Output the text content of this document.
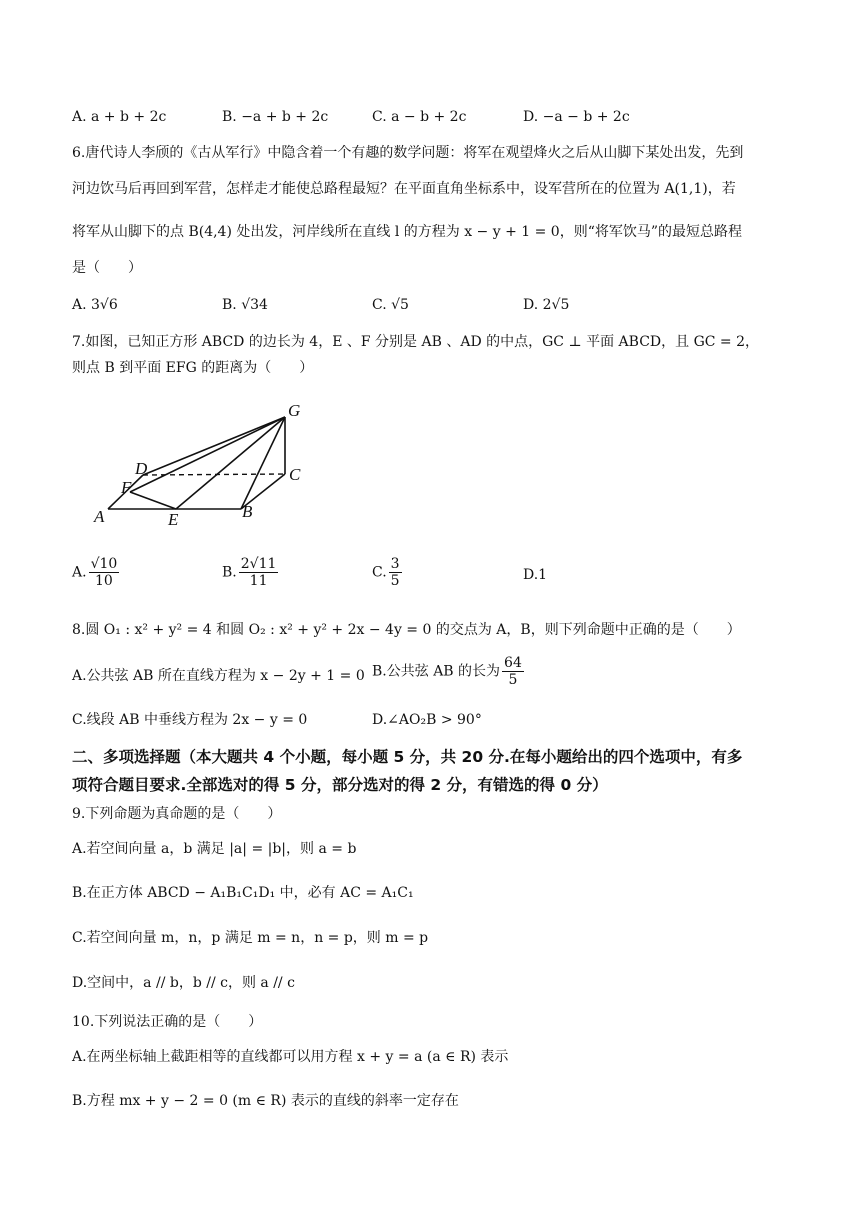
A. a + b + 2c	B. −a + b + 2c	C. a − b + 2c	D. −a − b + 2c
6.唐代诗人李颀的《古从军行》中隐含着一个有趣的数学问题：将军在观望烽火之后从山脚下某处出发，先到
河边饮马后再回到军营，怎样走才能使总路程最短？在平面直角坐标系中，设军营所在的位置为 A(1,1)，若
将军从山脚下的点 B(4,4) 处出发，河岸线所在直线 l 的方程为 x − y + 1 = 0，则“将军饮马”的最短总路程
是（　　）
A. 3√6	B. √34	C. √5	D. 2√5
7.如图，已知正方形 ABCD 的边长为 4，E 、F 分别是 AB 、AD 的中点，GC ⊥ 平面 ABCD，且 GC = 2，
则点 B 到平面 EFG 的距离为（　　）
G
D	C
F
A	E	B
A. $\frac{√10}{10}$	B. $\frac{2√11}{11}$	C. $\frac{3}{5}$	D.1
8.圆 O₁ : x² + y² = 4 和圆 O₂ : x² + y² + 2x − 4y = 0 的交点为 A，B，则下列命题中正确的是（　　）
A.公共弦 AB 所在直线方程为 x − 2y + 1 = 0 B.公共弦 AB 的长为 $\frac{64}{5}$
C.线段 AB 中垂线方程为 2x − y = 0	D.∠AO₂B > 90°
二、多项选择题（本大题共 4 个小题，每小题 5 分，共 20 分.在每小题给出的四个选项中，有多
项符合题目要求.全部选对的得 5 分，部分选对的得 2 分，有错选的得 0 分）
9.下列命题为真命题的是（　　）
A.若空间向量 a，b 满足 |a| = |b|，则 a = b
B.在正方体 ABCD − A₁B₁C₁D₁ 中，必有 AC = A₁C₁
C.若空间向量 m，n，p 满足 m = n，n = p，则 m = p
D.空间中，a // b，b // c，则 a // c
10.下列说法正确的是（　　）
A.在两坐标轴上截距相等的直线都可以用方程 x + y = a (a ∈ R) 表示
B.方程 mx + y − 2 = 0 (m ∈ R) 表示的直线的斜率一定存在
